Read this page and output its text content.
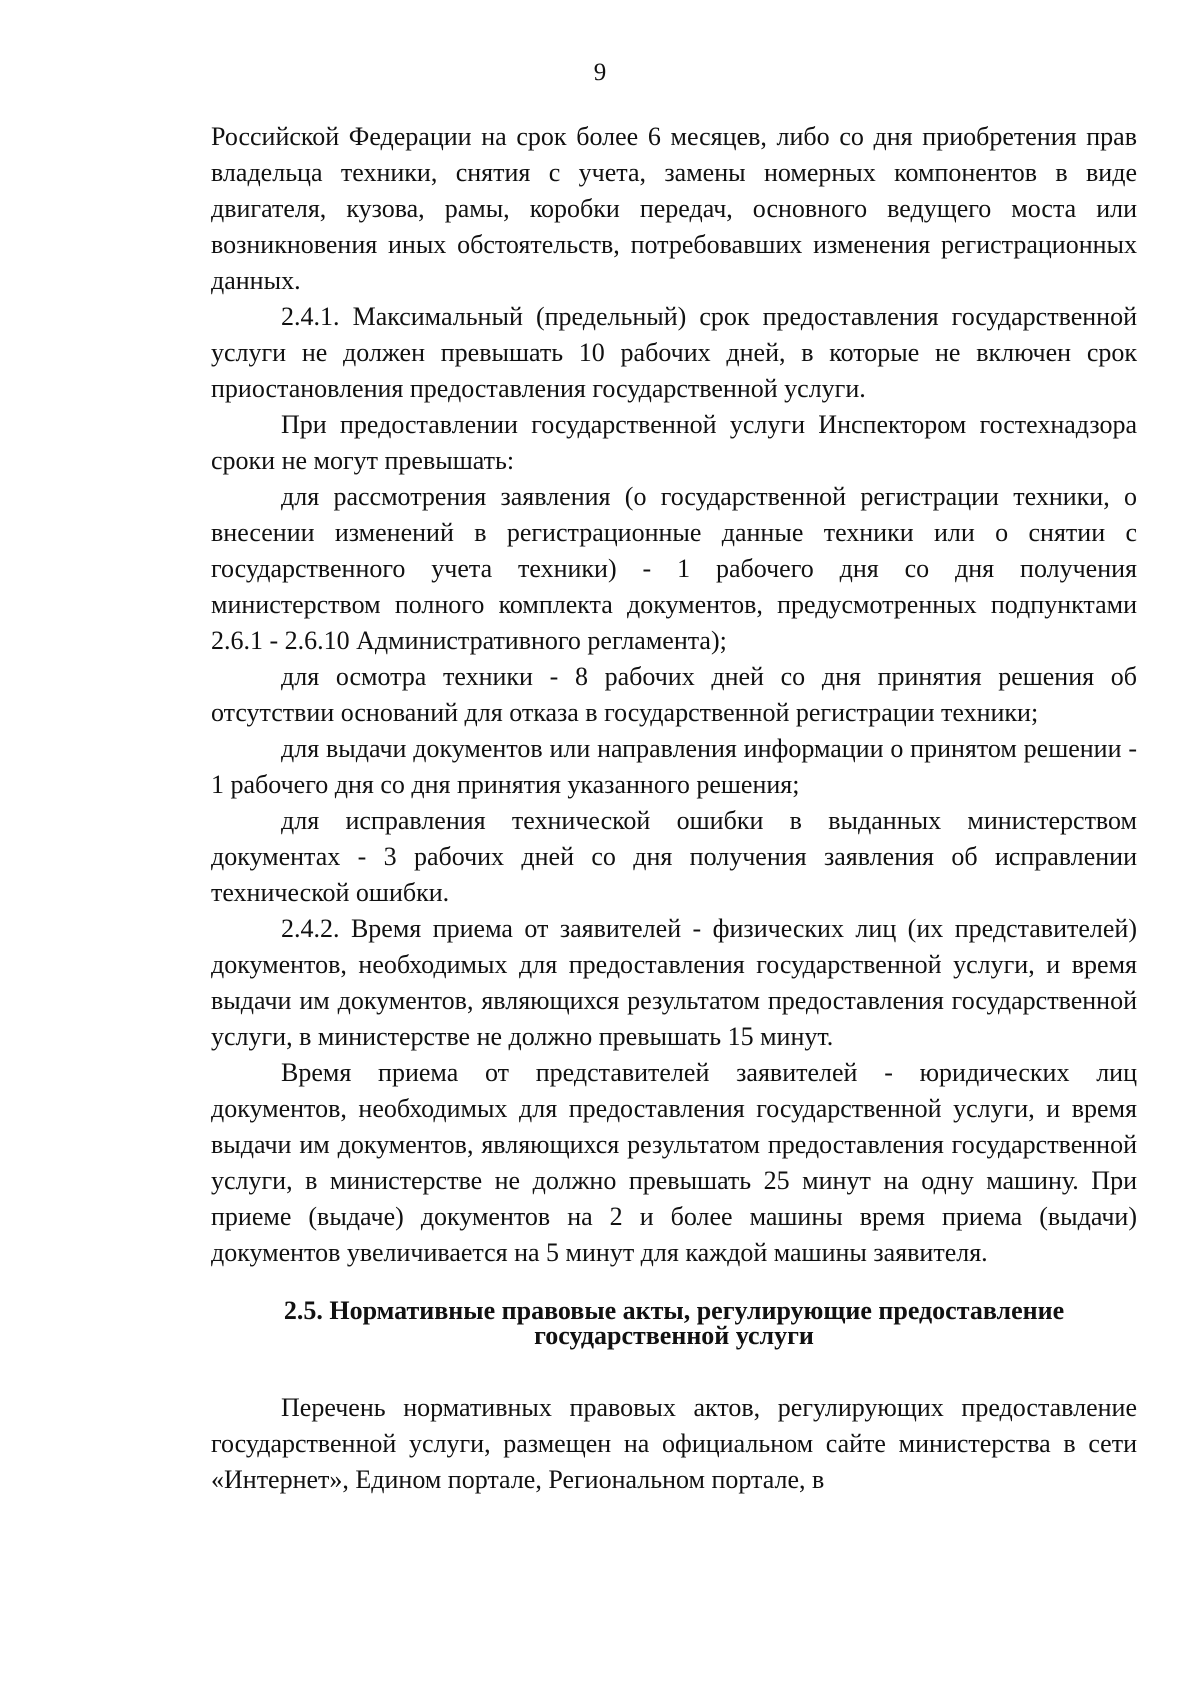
9

Российской Федерации на срок более 6 месяцев, либо со дня приобретения прав владельца техники, снятия с учета, замены номерных компонентов в виде двигателя, кузова, рамы, коробки передач, основного ведущего моста или возникновения иных обстоятельств, потребовавших изменения регистрационных данных.

2.4.1. Максимальный (предельный) срок предоставления государственной услуги не должен превышать 10 рабочих дней, в которые не включен срок приостановления предоставления государственной услуги.

При предоставлении государственной услуги Инспектором гостехнадзора сроки не могут превышать:

для рассмотрения заявления (о государственной регистрации техники, о внесении изменений в регистрационные данные техники или о снятии с государственного учета техники) - 1 рабочего дня со дня получения министерством полного комплекта документов, предусмотренных подпунктами 2.6.1 - 2.6.10 Административного регламента);

для осмотра техники - 8 рабочих дней со дня принятия решения об отсутствии оснований для отказа в государственной регистрации техники;

для выдачи документов или направления информации о принятом решении - 1 рабочего дня со дня принятия указанного решения;

для исправления технической ошибки в выданных министерством документах - 3 рабочих дней со дня получения заявления об исправлении технической ошибки.

2.4.2. Время приема от заявителей - физических лиц (их представителей) документов, необходимых для предоставления государственной услуги, и время выдачи им документов, являющихся результатом предоставления государственной услуги, в министерстве не должно превышать 15 минут.

Время приема от представителей заявителей - юридических лиц документов, необходимых для предоставления государственной услуги, и время выдачи им документов, являющихся результатом предоставления государственной услуги, в министерстве не должно превышать 25 минут на одну машину. При приеме (выдаче) документов на 2 и более машины время приема (выдачи) документов увеличивается на 5 минут для каждой машины заявителя.

2.5. Нормативные правовые акты, регулирующие предоставление
государственной услуги

Перечень нормативных правовых актов, регулирующих предоставление государственной услуги, размещен на официальном сайте министерства в сети «Интернет», Едином портале, Региональном портале, в
